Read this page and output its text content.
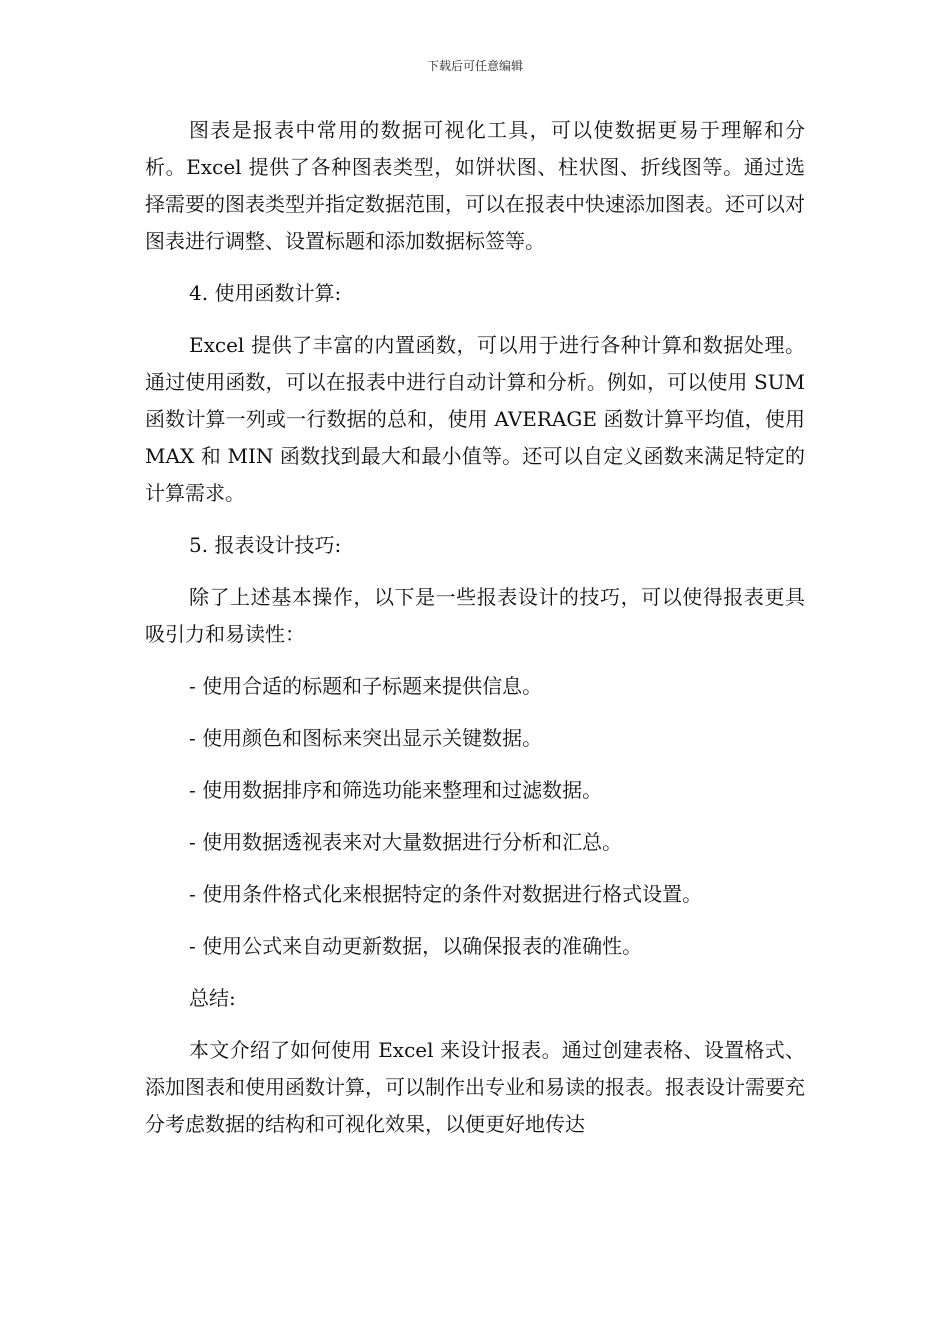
下载后可任意编辑

图表是报表中常用的数据可视化工具，可以使数据更易于理解和分析。Excel 提供了各种图表类型，如饼状图、柱状图、折线图等。通过选择需要的图表类型并指定数据范围，可以在报表中快速添加图表。还可以对图表进行调整、设置标题和添加数据标签等。

4. 使用函数计算:

Excel 提供了丰富的内置函数，可以用于进行各种计算和数据处理。通过使用函数，可以在报表中进行自动计算和分析。例如，可以使用 SUM 函数计算一列或一行数据的总和，使用 AVERAGE 函数计算平均值，使用 MAX 和 MIN 函数找到最大和最小值等。还可以自定义函数来满足特定的计算需求。

5. 报表设计技巧:

除了上述基本操作，以下是一些报表设计的技巧，可以使得报表更具吸引力和易读性：

- 使用合适的标题和子标题来提供信息。

- 使用颜色和图标来突出显示关键数据。

- 使用数据排序和筛选功能来整理和过滤数据。

- 使用数据透视表来对大量数据进行分析和汇总。

- 使用条件格式化来根据特定的条件对数据进行格式设置。

- 使用公式来自动更新数据，以确保报表的准确性。

总结:

本文介绍了如何使用 Excel 来设计报表。通过创建表格、设置格式、添加图表和使用函数计算，可以制作出专业和易读的报表。报表设计需要充分考虑数据的结构和可视化效果，以便更好地传达
